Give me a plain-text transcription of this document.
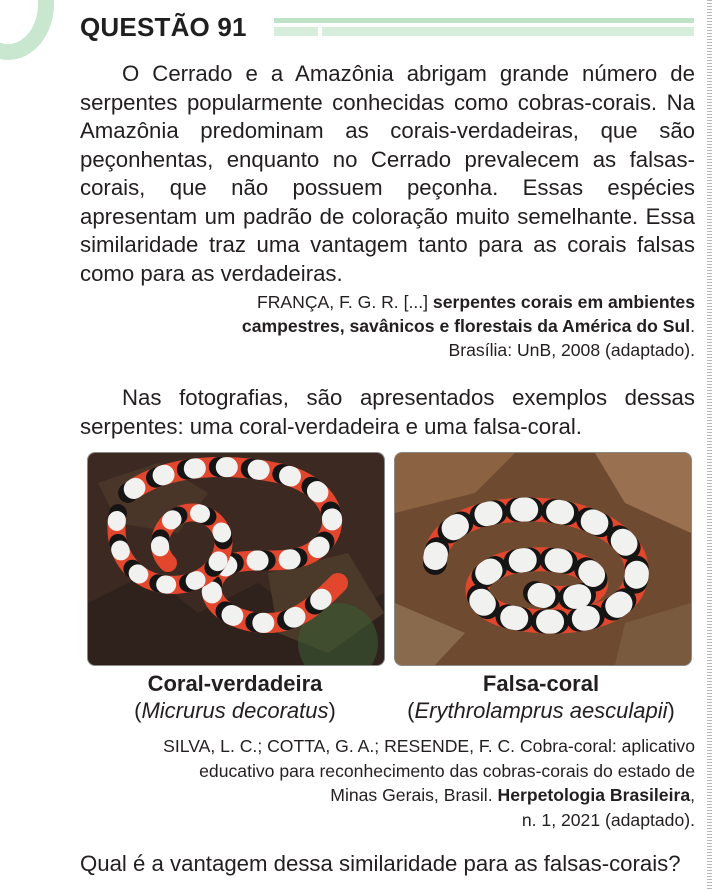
QUESTÃO 91

O Cerrado e a Amazônia abrigam grande número de serpentes popularmente conhecidas como cobras-corais. Na Amazônia predominam as corais-verdadeiras, que são peçonhentas, enquanto no Cerrado prevalecem as falsas-corais, que não possuem peçonha. Essas espécies apresentam um padrão de coloração muito semelhante. Essa similaridade traz uma vantagem tanto para as corais falsas como para as verdadeiras.

FRANÇA, F. G. R. [...] serpentes corais em ambientes
campestres, savânicos e florestais da América do Sul.
Brasília: UnB, 2008 (adaptado).

Nas fotografias, são apresentados exemplos dessas serpentes: uma coral-verdadeira e uma falsa-coral.

Coral-verdadeira
(Micrurus decoratus)
Falsa-coral
(Erythrolamprus aesculapii)
SILVA, L. C.; COTTA, G. A.; RESENDE, F. C. Cobra-coral: aplicativo
educativo para reconhecimento das cobras-corais do estado de
Minas Gerais, Brasil. Herpetologia Brasileira,
n. 1, 2021 (adaptado).

Qual é a vantagem dessa similaridade para as falsas-corais?
